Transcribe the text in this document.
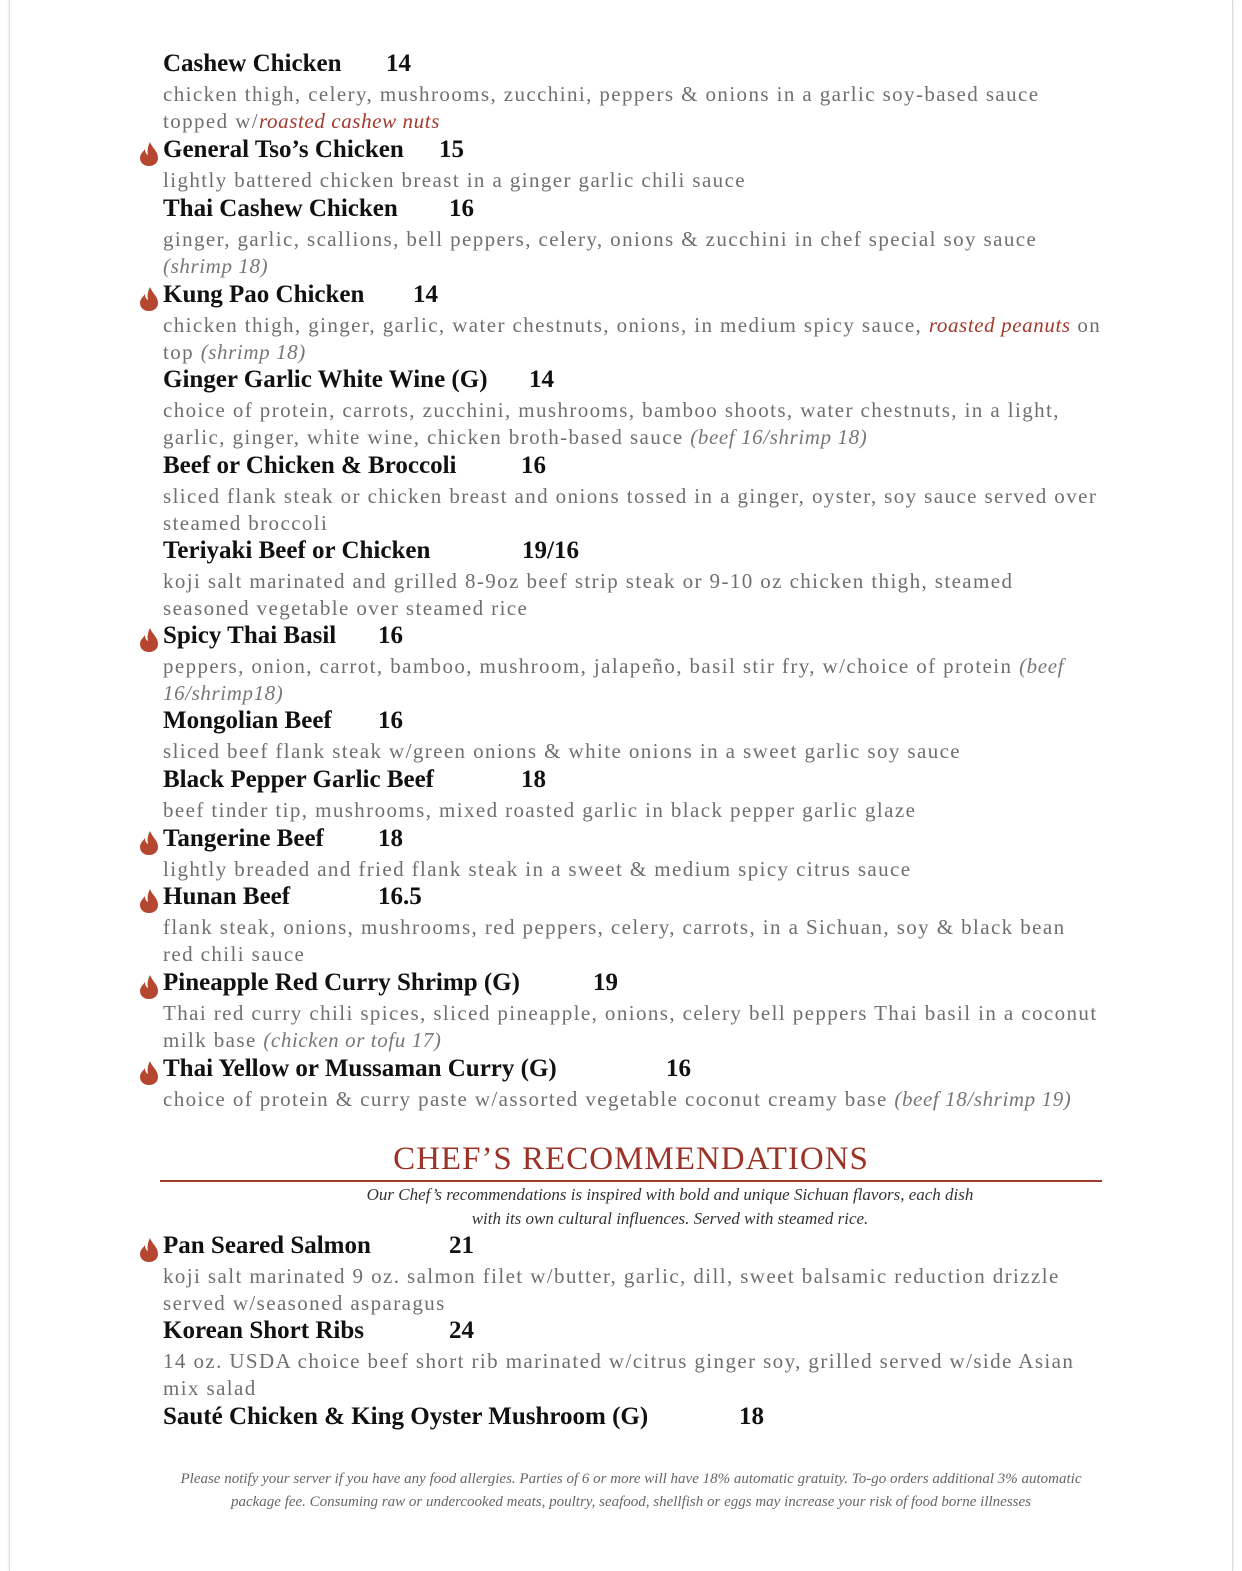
Cashew Chicken 14
chicken thigh, celery, mushrooms, zucchini, peppers & onions in a garlic soy-based sauce topped w/roasted cashew nuts
General Tso’s Chicken 15
lightly battered chicken breast in a ginger garlic chili sauce
Thai Cashew Chicken 16
ginger, garlic, scallions, bell peppers, celery, onions & zucchini in chef special soy sauce (shrimp 18)
Kung Pao Chicken 14
chicken thigh, ginger, garlic, water chestnuts, onions, in medium spicy sauce, roasted peanuts on top (shrimp 18)
Ginger Garlic White Wine (G) 14
choice of protein, carrots, zucchini, mushrooms, bamboo shoots, water chestnuts, in a light, garlic, ginger, white wine, chicken broth-based sauce (beef 16/shrimp 18)
Beef or Chicken & Broccoli	16
sliced flank steak or chicken breast and onions tossed in a ginger, oyster, soy sauce served over steamed broccoli
Teriyaki Beef or Chicken	19/16
koji salt marinated and grilled 8-9oz beef strip steak or 9-10 oz chicken thigh, steamed seasoned vegetable over steamed rice
Spicy Thai Basil 16
peppers, onion, carrot, bamboo, mushroom, jalapeño, basil stir fry, w/choice of protein (beef 16/shrimp18)
Mongolian Beef 16
sliced beef flank steak w/green onions & white onions in a sweet garlic soy sauce
Black Pepper Garlic Beef	18
beef tinder tip, mushrooms, mixed roasted garlic in black pepper garlic glaze
Tangerine Beef 18
lightly breaded and fried flank steak in a sweet & medium spicy citrus sauce
Hunan Beef	16.5
flank steak, onions, mushrooms, red peppers, celery, carrots, in a Sichuan, soy & black bean red chili sauce
Pineapple Red Curry Shrimp (G)	19
Thai red curry chili spices, sliced pineapple, onions, celery bell peppers Thai basil in a coconut milk base (chicken or tofu 17)
Thai Yellow or Mussaman Curry (G)	16
choice of protein & curry paste w/assorted vegetable coconut creamy base (beef 18/shrimp 19)
CHEF’S RECOMMENDATIONS
Our Chef’s recommendations is inspired with bold and unique Sichuan flavors, each dish with its own cultural influences. Served with steamed rice.
Pan Seared Salmon	21
koji salt marinated 9 oz. salmon filet w/butter, garlic, dill, sweet balsamic reduction drizzle served w/seasoned asparagus
Korean Short Ribs	24
14 oz. USDA choice beef short rib marinated w/citrus ginger soy, grilled served w/side Asian mix salad
Sauté Chicken & King Oyster Mushroom (G)	18
Please notify your server if you have any food allergies. Parties of 6 or more will have 18% automatic gratuity. To-go orders additional 3% automatic package fee. Consuming raw or undercooked meats, poultry, seafood, shellfish or eggs may increase your risk of food borne illnesses
